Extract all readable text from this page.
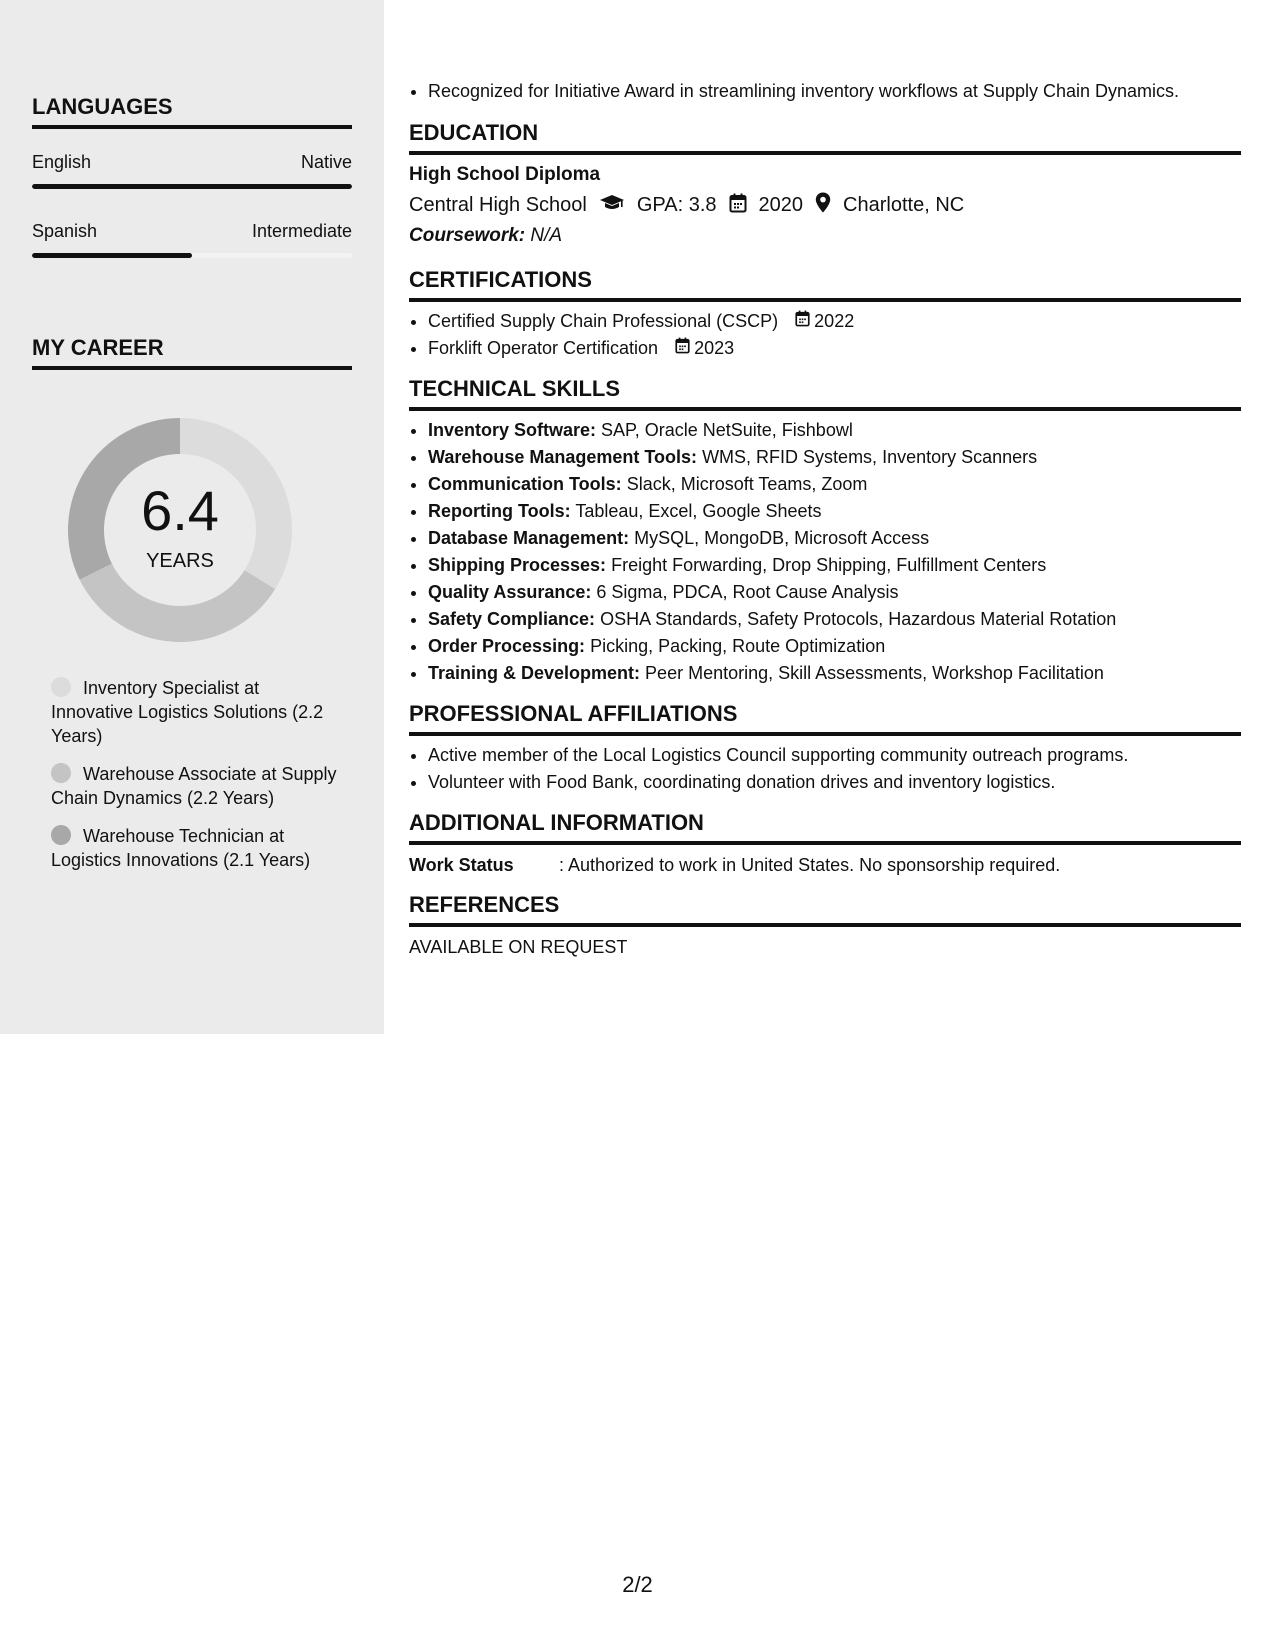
LANGUAGES
English	Native
Spanish	Intermediate
MY CAREER
6.4
YEARS
Inventory Specialist at Innovative Logistics Solutions (2.2 Years)
Warehouse Associate at Supply Chain Dynamics (2.2 Years)
Warehouse Technician at Logistics Innovations (2.1 Years)
• Recognized for Initiative Award in streamlining inventory workflows at Supply Chain Dynamics.
EDUCATION
High School Diploma
Central High School	GPA: 3.8 2020 Charlotte, NC
Coursework: N/A
CERTIFICATIONS
• Certified Supply Chain Professional (CSCP) 2022
• Forklift Operator Certification 2023
TECHNICAL SKILLS
• Inventory Software: SAP, Oracle NetSuite, Fishbowl
• Warehouse Management Tools: WMS, RFID Systems, Inventory Scanners
• Communication Tools: Slack, Microsoft Teams, Zoom
• Reporting Tools: Tableau, Excel, Google Sheets
• Database Management: MySQL, MongoDB, Microsoft Access
• Shipping Processes: Freight Forwarding, Drop Shipping, Fulfillment Centers
• Quality Assurance: 6 Sigma, PDCA, Root Cause Analysis
• Safety Compliance: OSHA Standards, Safety Protocols, Hazardous Material Rotation
• Order Processing: Picking, Packing, Route Optimization
• Training & Development: Peer Mentoring, Skill Assessments, Workshop Facilitation
PROFESSIONAL AFFILIATIONS
• Active member of the Local Logistics Council supporting community outreach programs.
• Volunteer with Food Bank, coordinating donation drives and inventory logistics.
ADDITIONAL INFORMATION
Work Status	: Authorized to work in United States. No sponsorship required.
REFERENCES
AVAILABLE ON REQUEST
2/2
